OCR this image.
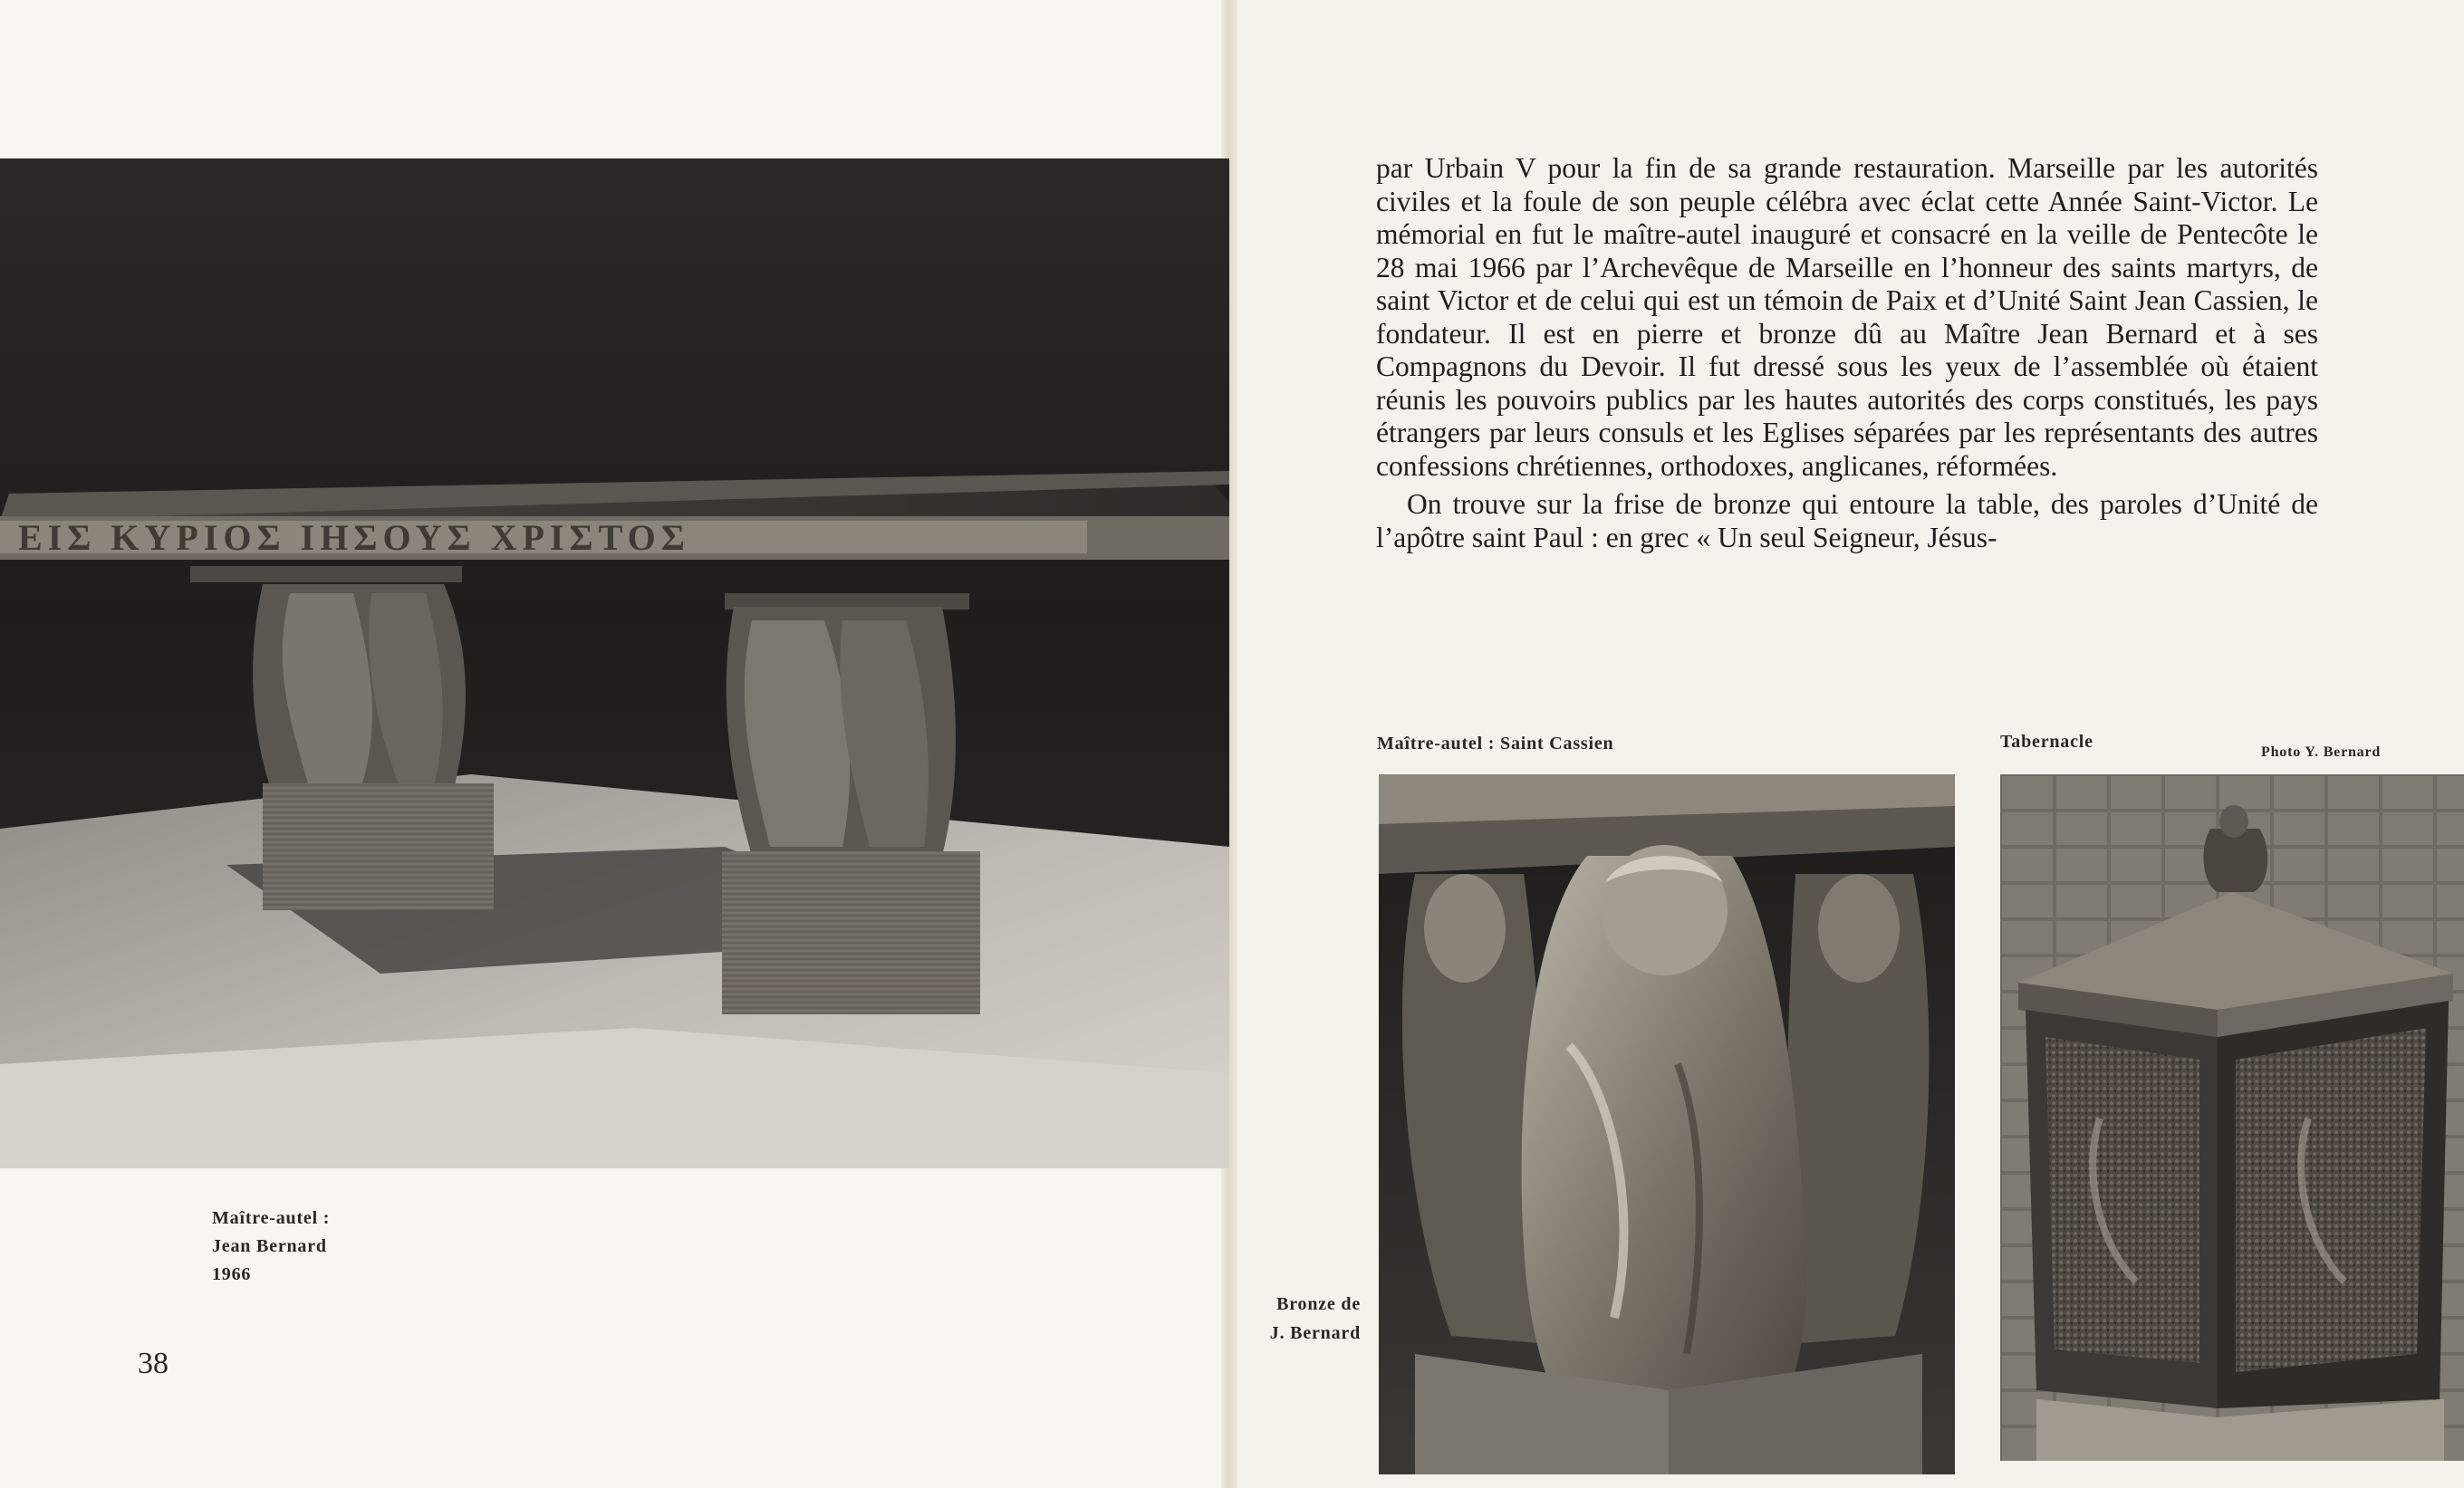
ΕΙΣ ΚΥΡΙΟΣ ΙΗΣΟΥΣ ΧΡΙΣΤΟΣ
Maître-autel :
Jean Bernard
1966
38

par Urbain V pour la fin de sa grande restauration. Marseille par les autorités civiles et la foule de son peuple célébra avec éclat cette Année Saint-Victor. Le mémorial en fut le maître-autel inauguré et consacré en la veille de Pentecôte le 28 mai 1966 par l’Archevêque de Marseille en l’honneur des saints martyrs, de saint Victor et de celui qui est un témoin de Paix et d’Unité Saint Jean Cassien, le fondateur. Il est en pierre et bronze dû au Maître Jean Bernard et à ses Compagnons du Devoir. Il fut dressé sous les yeux de l’assemblée où étaient réunis les pouvoirs publics par les hautes autorités des corps constitués, les pays étrangers par leurs consuls et les Eglises séparées par les représentants des autres confessions chrétiennes, orthodoxes, anglicanes, réformées.

On trouve sur la frise de bronze qui entoure la table, des paroles d’Unité de l’apôtre saint Paul : en grec « Un seul Seigneur, Jésus-

Maître-autel : Saint Cassien	Tabernacle
Photo Y. Bernard
Bronze de
J. Bernard
